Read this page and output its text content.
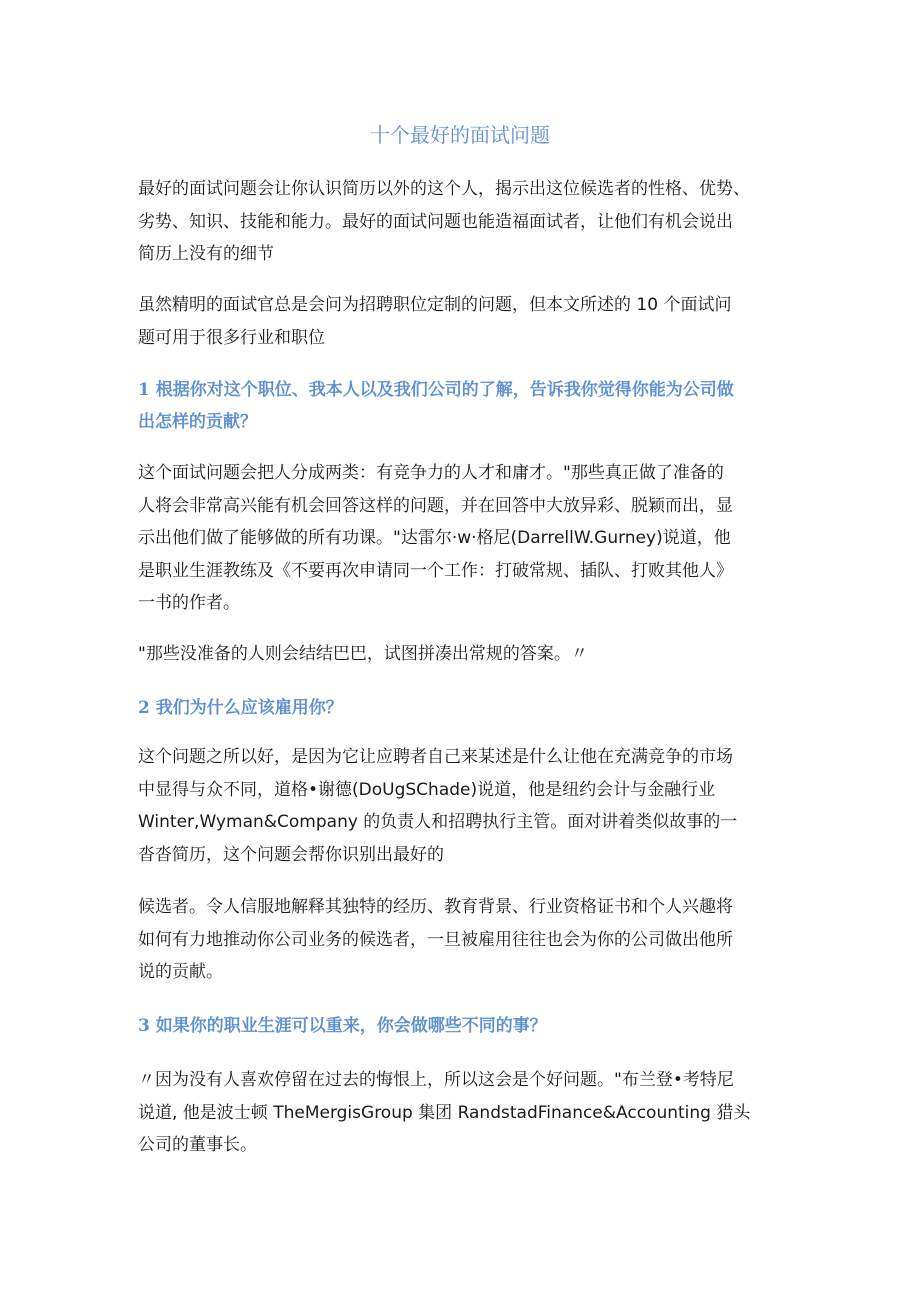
十个最好的面试问题
最好的面试问题会让你认识简历以外的这个人，揭示出这位候选者的性格、优势、
劣势、知识、技能和能力。最好的面试问题也能造福面试者，让他们有机会说出
简历上没有的细节
虽然精明的面试官总是会问为招聘职位定制的问题，但本文所述的 10 个面试问
题可用于很多行业和职位
1 根据你对这个职位、我本人以及我们公司的了解，告诉我你觉得你能为公司做
出怎样的贡献？
这个面试问题会把人分成两类：有竞争力的人才和庸才。"那些真正做了准备的
人将会非常高兴能有机会回答这样的问题，并在回答中大放异彩、脱颖而出，显
示出他们做了能够做的所有功课。"达雷尔·w·格尼(DarrellW.Gurney)说道，他
是职业生涯教练及《不要再次申请同一个工作：打破常规、插队、打败其他人》
一书的作者。
"那些没准备的人则会结结巴巴，试图拼凑出常规的答案。〃
2 我们为什么应该雇用你？
这个问题之所以好，是因为它让应聘者自己来某述是什么让他在充满竞争的市场
中显得与众不同，道格•谢德(DoUgSChade)说道，他是纽约会计与金融行业
Winter,Wyman&Company 的负责人和招聘执行主管。面对讲着类似故事的一
沓沓简历，这个问题会帮你识别出最好的
候选者。令人信服地解释其独特的经历、教育背景、行业资格证书和个人兴趣将
如何有力地推动你公司业务的候选者，一旦被雇用往往也会为你的公司做出他所
说的贡献。
3 如果你的职业生涯可以重来，你会做哪些不同的事？
〃因为没有人喜欢停留在过去的悔恨上，所以这会是个好问题。"布兰登•考特尼
说道, 他是波士顿 TheMergisGroup 集团 RandstadFinance&Accounting 猎头
公司的董事长。
